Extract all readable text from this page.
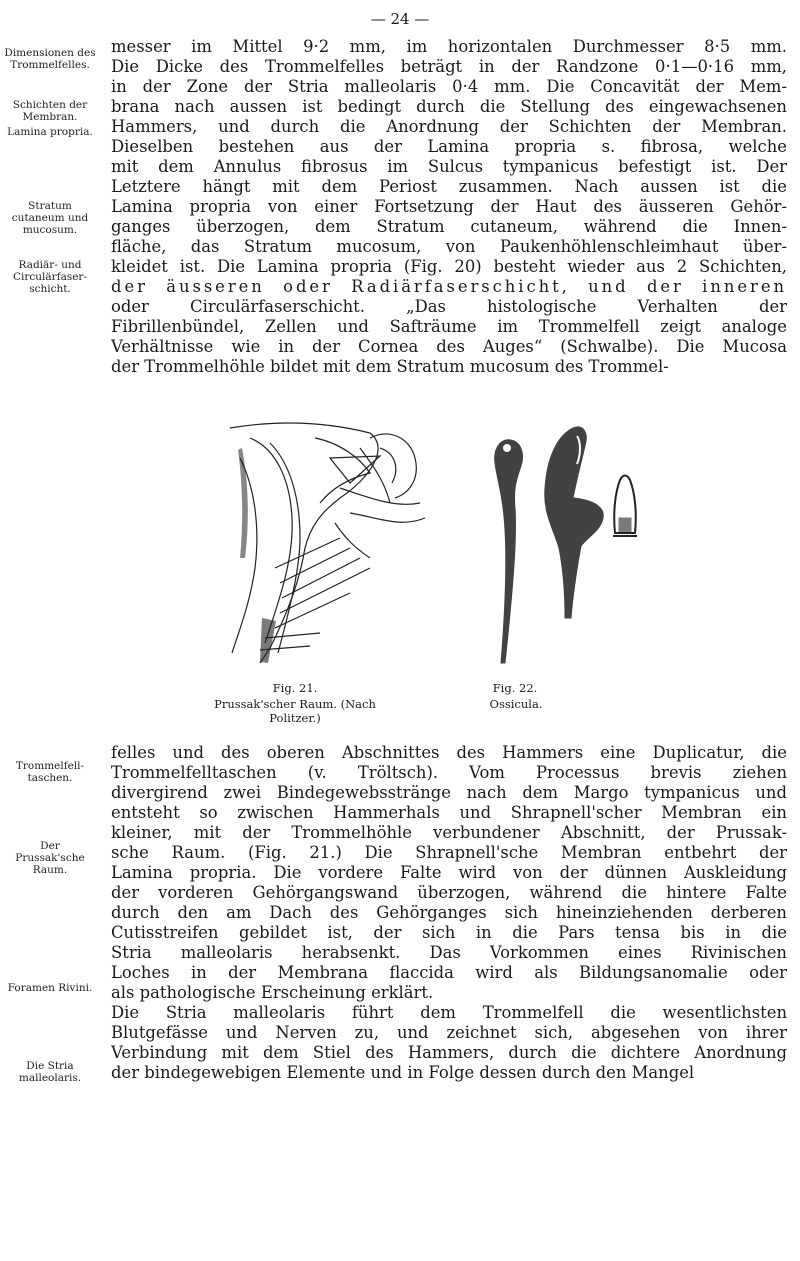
— 24 —
Dimensionen des Trommelfelles.
Schichten der Membran.
Lamina propria.
Stratum cutaneum und mucosum.
Radiär- und Circulärfaser-schicht.
Trommelfell-taschen.
Der Prussak'sche Raum.
Foramen Rivini.
Die Stria malleolaris.
messer im Mittel 9·2 mm, im horizontalen Durchmesser 8·5 mm.
Die Dicke des Trommelfelles beträgt in der Randzone 0·1—0·16 mm,
in der Zone der Stria malleolaris 0·4 mm. Die Concavität der Mem-
brana nach aussen ist bedingt durch die Stellung des eingewachsenen
Hammers, und durch die Anordnung der Schichten der Membran.
Dieselben bestehen aus der Lamina propria s. fibrosa, welche
mit dem Annulus fibrosus im Sulcus tympanicus befestigt ist. Der
Letztere hängt mit dem Periost zusammen. Nach aussen ist die
Lamina propria von einer Fortsetzung der Haut des äusseren Gehör-
ganges überzogen, dem Stratum cutaneum, während die Innen-
fläche, das Stratum mucosum, von Paukenhöhlenschleimhaut über-
kleidet ist. Die Lamina propria (Fig. 20) besteht wieder aus 2 Schichten,
der äusseren oder Radiärfaserschicht, und der inneren
oder Circulärfaserschicht. „Das histologische Verhalten der
Fibrillenbündel, Zellen und Safträume im Trommelfell zeigt analoge
Verhältnisse wie in der Cornea des Auges“ (Schwalbe). Die Mucosa
der Trommelhöhle bildet mit dem Stratum mucosum des Trommel-
Fig. 21.
Prussak'scher Raum. (Nach Politzer.)
Fig. 22.
Ossicula.
felles und des oberen Abschnittes des Hammers eine Duplicatur, die
Trommelfelltaschen (v. Tröltsch). Vom Processus brevis ziehen
divergirend zwei Bindegewebsstränge nach dem Margo tympanicus und
entsteht so zwischen Hammerhals und Shrapnell'scher Membran ein
kleiner, mit der Trommelhöhle verbundener Abschnitt, der Prussak-
sche Raum. (Fig. 21.) Die Shrapnell'sche Membran entbehrt der
Lamina propria. Die vordere Falte wird von der dünnen Auskleidung
der vorderen Gehörgangswand überzogen, während die hintere Falte
durch den am Dach des Gehörganges sich hineinziehenden derberen
Cutisstreifen gebildet ist, der sich in die Pars tensa bis in die
Stria malleolaris herabsenkt. Das Vorkommen eines Rivinischen
Loches in der Membrana flaccida wird als Bildungsanomalie oder
als pathologische Erscheinung erklärt.
Die Stria malleolaris führt dem Trommelfell die wesentlichsten
Blutgefässe und Nerven zu, und zeichnet sich, abgesehen von ihrer
Verbindung mit dem Stiel des Hammers, durch die dichtere Anordnung
der bindegewebigen Elemente und in Folge dessen durch den Mangel
